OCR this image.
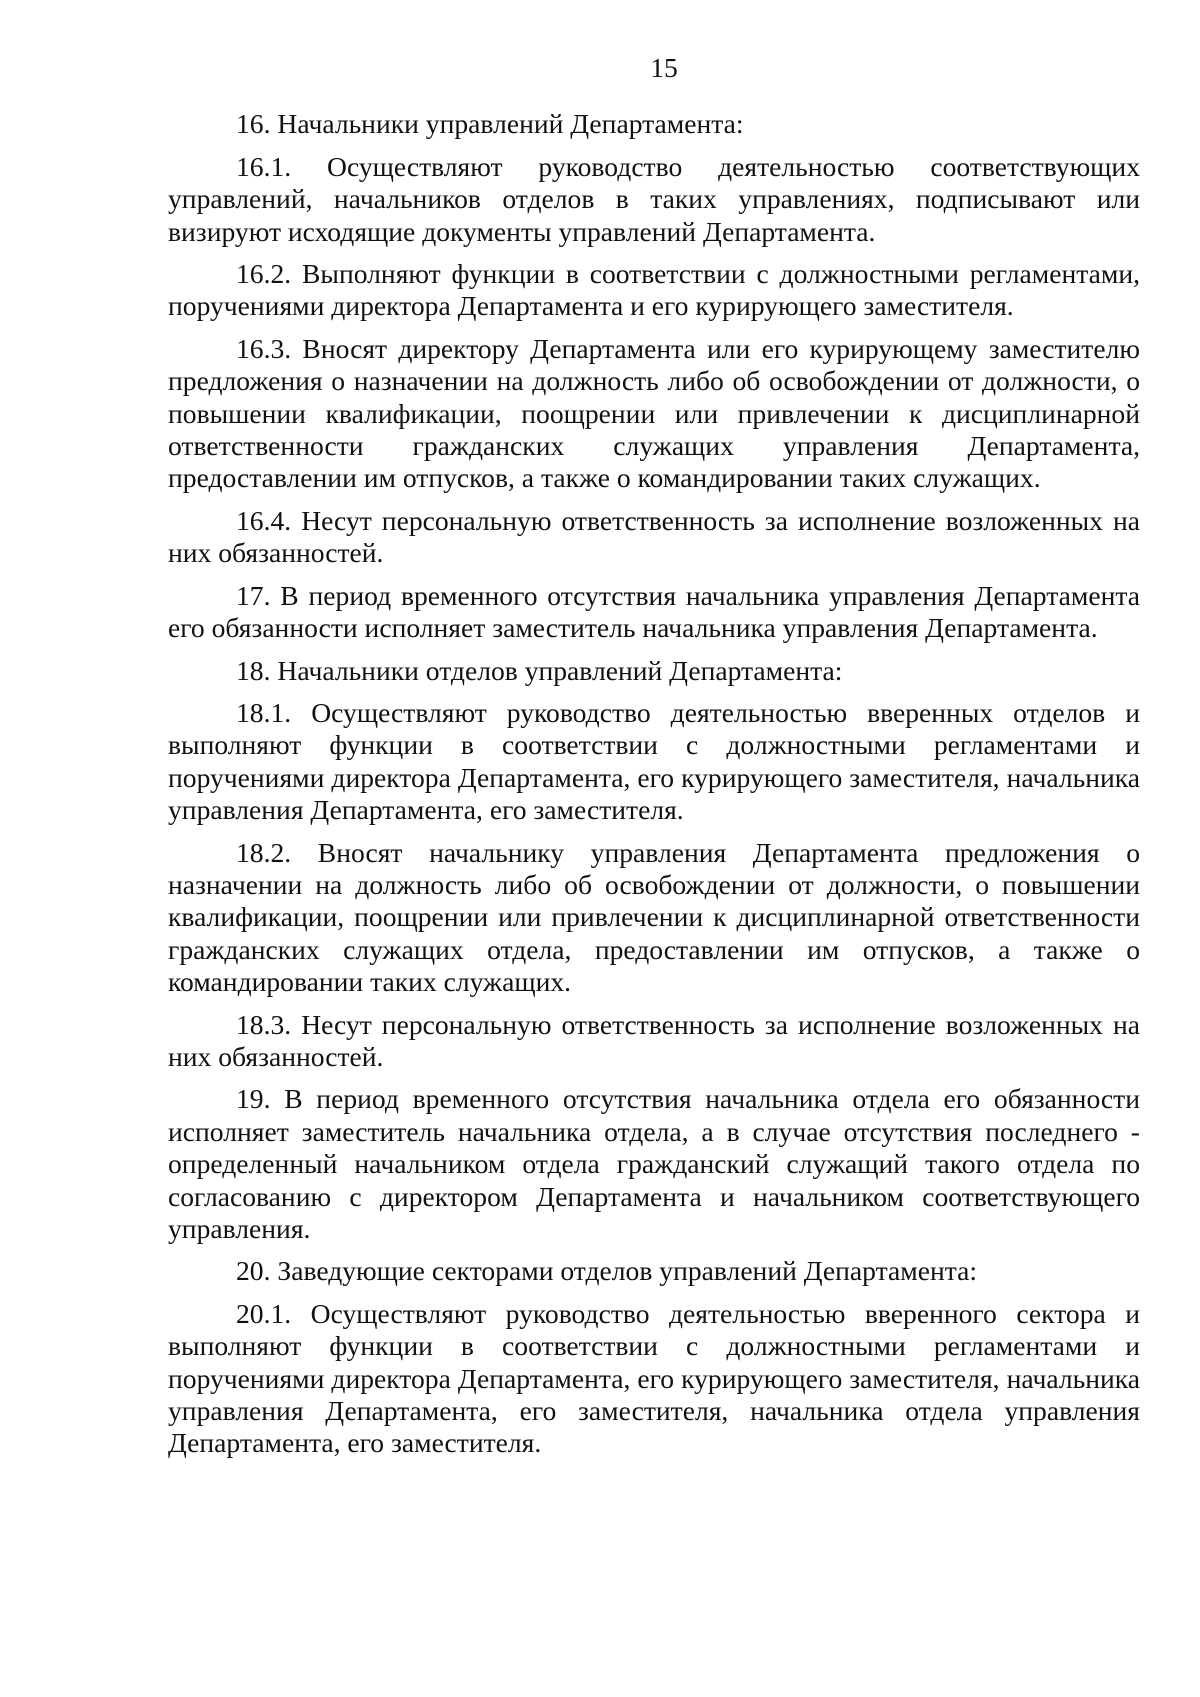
15

16. Начальники управлений Департамента:

16.1. Осуществляют руководство деятельностью соответствующих управлений, начальников отделов в таких управлениях, подписывают или визируют исходящие документы управлений Департамента.

16.2. Выполняют функции в соответствии с должностными регламентами, поручениями директора Департамента и его курирующего заместителя.

16.3. Вносят директору Департамента или его курирующему заместителю предложения о назначении на должность либо об освобождении от должности, о повышении квалификации, поощрении или привлечении к дисциплинарной ответственности гражданских служащих управления Департамента, предоставлении им отпусков, а также о командировании таких служащих.

16.4. Несут персональную ответственность за исполнение возложенных на них обязанностей.

17. В период временного отсутствия начальника управления Департамента его обязанности исполняет заместитель начальника управления Департамента.

18. Начальники отделов управлений Департамента:

18.1. Осуществляют руководство деятельностью вверенных отделов и выполняют функции в соответствии с должностными регламентами и поручениями директора Департамента, его курирующего заместителя, начальника управления Департамента, его заместителя.

18.2. Вносят начальнику управления Департамента предложения о назначении на должность либо об освобождении от должности, о повышении квалификации, поощрении или привлечении к дисциплинарной ответственности гражданских служащих отдела, предоставлении им отпусков, а также о командировании таких служащих.

18.3. Несут персональную ответственность за исполнение возложенных на них обязанностей.

19. В период временного отсутствия начальника отдела его обязанности исполняет заместитель начальника отдела, а в случае отсутствия последнего - определенный начальником отдела гражданский служащий такого отдела по согласованию с директором Департамента и начальником соответствующего управления.

20. Заведующие секторами отделов управлений Департамента:

20.1. Осуществляют руководство деятельностью вверенного сектора и выполняют функции в соответствии с должностными регламентами и поручениями директора Департамента, его курирующего заместителя, начальника управления Департамента, его заместителя, начальника отдела управления Департамента, его заместителя.
